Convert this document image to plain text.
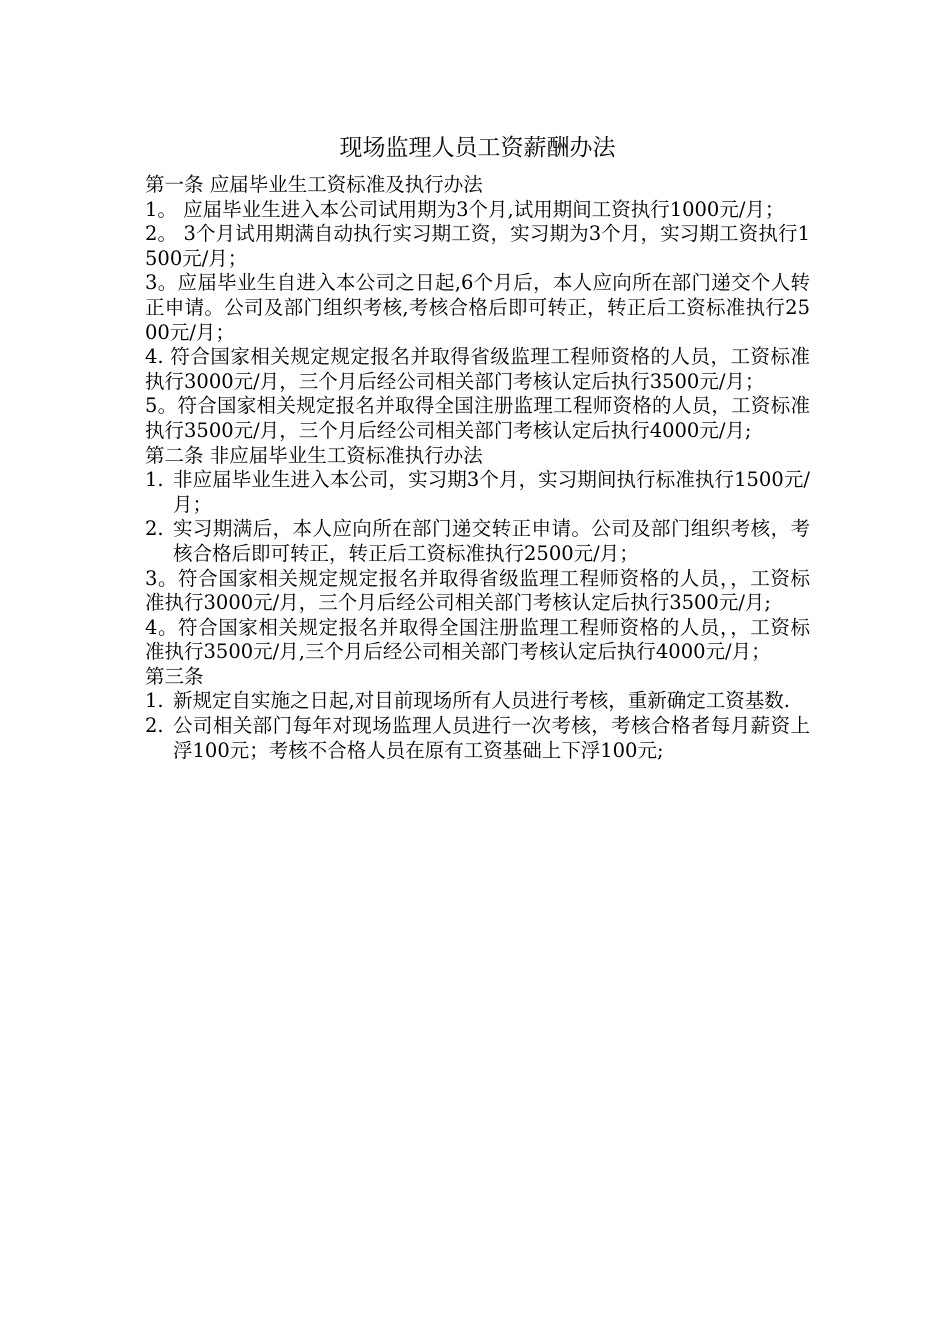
现场监理人员工资薪酬办法

第一条 应届毕业生工资标准及执行办法

1。 应届毕业生进入本公司试用期为3个月,试用期间工资执行1000元/月；

2。 3个月试用期满自动执行实习期工资，实习期为3个月，实习期工资执行1500元/月；

3。应届毕业生自进入本公司之日起,6个月后，本人应向所在部门递交个人转正申请。公司及部门组织考核,考核合格后即可转正，转正后工资标准执行2500元/月；

4. 符合国家相关规定规定报名并取得省级监理工程师资格的人员，工资标准执行3000元/月，三个月后经公司相关部门考核认定后执行3500元/月；

5。符合国家相关规定报名并取得全国注册监理工程师资格的人员，工资标准执行3500元/月，三个月后经公司相关部门考核认定后执行4000元/月;

第二条 非应届毕业生工资标准执行办法

1. 非应届毕业生进入本公司，实习期3个月，实习期间执行标准执行1500元/月；
2. 实习期满后，本人应向所在部门递交转正申请。公司及部门组织考核，考核合格后即可转正，转正后工资标准执行2500元/月；

3。符合国家相关规定规定报名并取得省级监理工程师资格的人员，，工资标准执行3000元/月，三个月后经公司相关部门考核认定后执行3500元/月;

4。符合国家相关规定报名并取得全国注册监理工程师资格的人员，，工资标准执行3500元/月,三个月后经公司相关部门考核认定后执行4000元/月；

第三条

1. 新规定自实施之日起,对目前现场所有人员进行考核，重新确定工资基数.
2. 公司相关部门每年对现场监理人员进行一次考核，考核合格者每月薪资上浮100元；考核不合格人员在原有工资基础上下浮100元;
